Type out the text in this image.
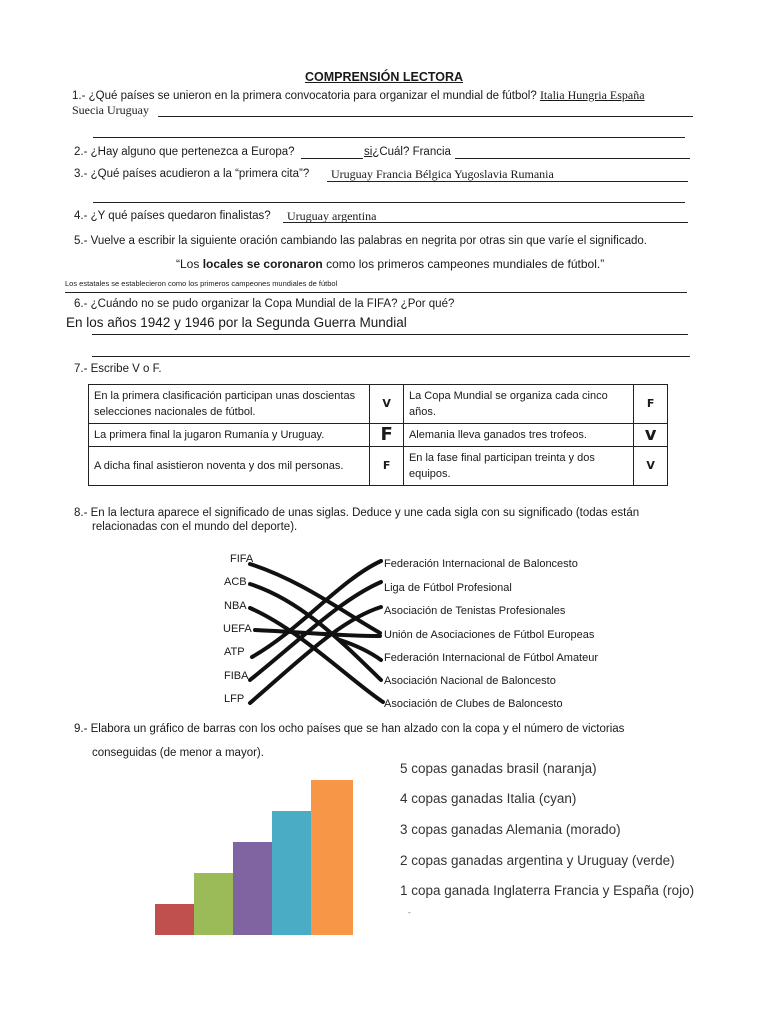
COMPRENSIÓN LECTORA
1.- ¿Qué países se unieron en la primera convocatoria para organizar el mundial de fútbol? Italia Hungria España
Suecia Uruguay
2.- ¿Hay alguno que pertenezca a Europa?	si¿Cuál? Francia
3.- ¿Qué países acudieron a la “primera cita”? Uruguay Francia Bélgica Yugoslavia Rumania
4.- ¿Y qué países quedaron finalistas? Uruguay argentina
5.- Vuelve a escribir la siguiente oración cambiando las palabras en negrita por otras sin que varíe el significado.
“Los locales se coronaron como los primeros campeones mundiales de fútbol.”
Los estatales se establecieron como los primeros campeones mundiales de fútbol
6.- ¿Cuándo no se pudo organizar la Copa Mundial de la FIFA? ¿Por qué?
En los años 1942 y 1946 por la Segunda Guerra Mundial
7.- Escribe V o F.
En la primera clasificación participan unas doscientas selecciones nacionales de fútbol.	V	La Copa Mundial se organiza cada cinco años.	F
La primera final la jugaron Rumanía y Uruguay.	F	Alemania lleva ganados tres trofeos.	v
A dicha final asistieron noventa y dos mil personas.	F	En la fase final participan treinta y dos equipos.	V
8.- En la lectura aparece el significado de unas siglas. Deduce y une cada sigla con su significado (todas están
relacionadas con el mundo del deporte).
FIFA
ACB
NBA
UEFA
ATP
FIBA
LFP
Federación Internacional de Baloncesto
Liga de Fútbol Profesional
Asociación de Tenistas Profesionales
Unión de Asociaciones de Fútbol Europeas
Federación Internacional de Fútbol Amateur
Asociación Nacional de Baloncesto
Asociación de Clubes de Baloncesto
9.- Elabora un gráfico de barras con los ocho países que se han alzado con la copa y el número de victorias
conseguidas (de menor a mayor).
5 copas ganadas brasil (naranja)
4 copas ganadas Italia (cyan)
3 copas ganadas Alemania (morado)
2 copas ganadas argentina y Uruguay (verde)
1 copa ganada Inglaterra Francia y España (rojo)
-
